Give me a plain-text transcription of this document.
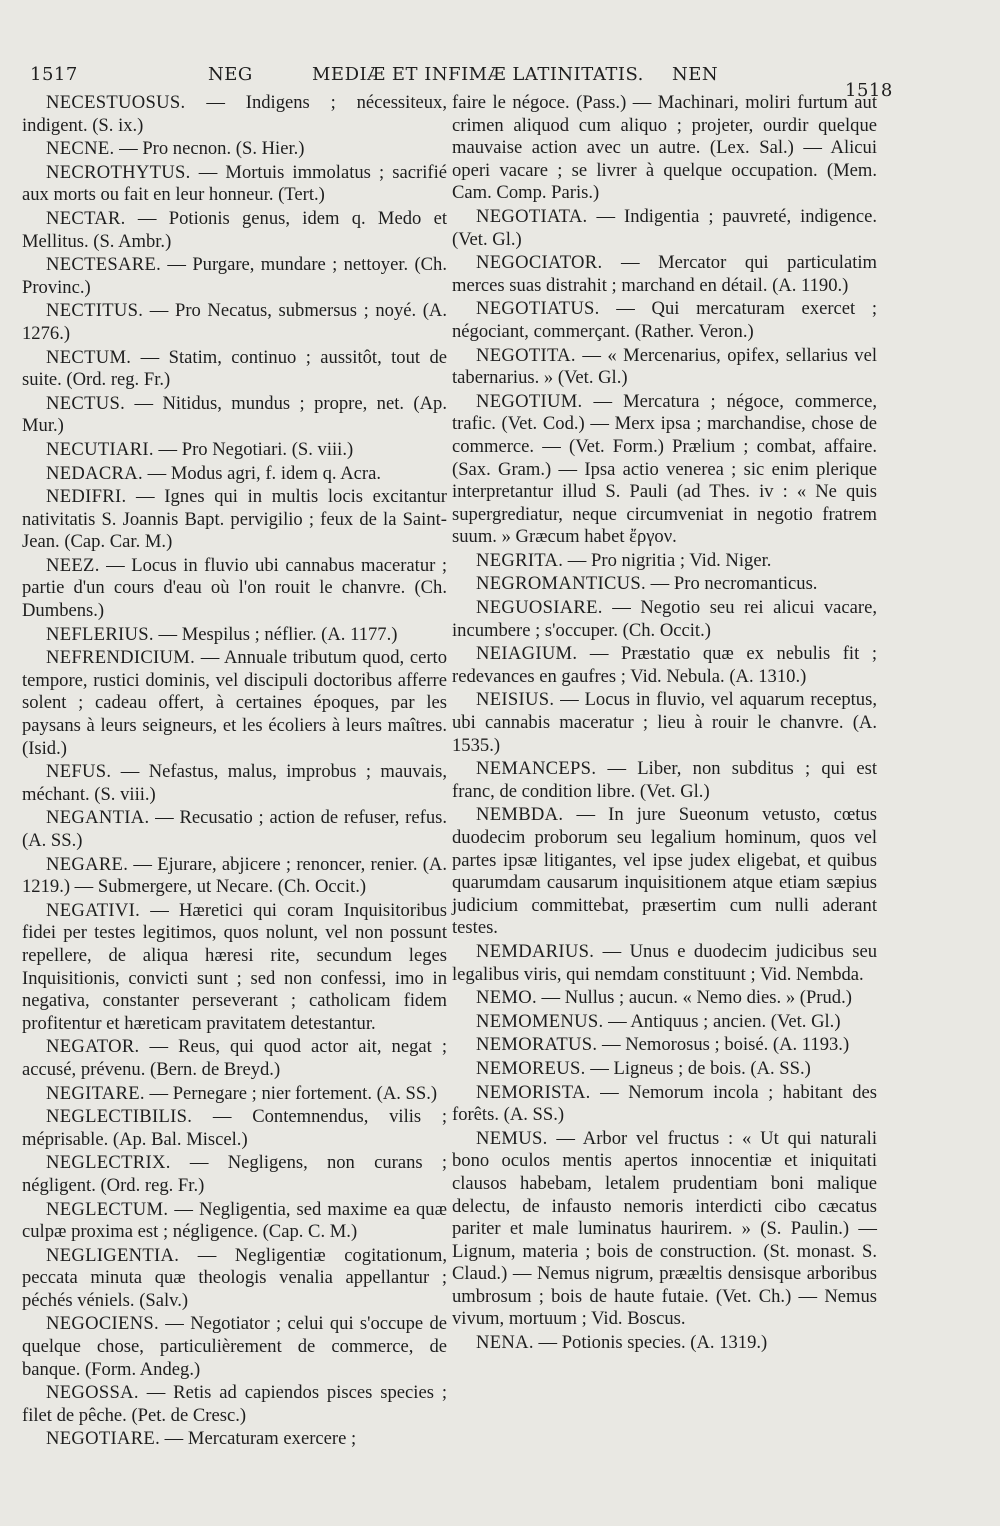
1517	NEG	MEDIÆ ET INFIMÆ LATINITATIS. NEN
1518

NECESTUOSUS. — Indigens ; nécessiteux, indigent. (S. ix.)

NECNE. — Pro necnon. (S. Hier.)

NECROTHYTUS. — Mortuis immolatus ; sacrifié aux morts ou fait en leur honneur. (Tert.)

NECTAR. — Potionis genus, idem q. Medo et Mellitus. (S. Ambr.)

NECTESARE. — Purgare, mundare ; nettoyer. (Ch. Provinc.)

NECTITUS. — Pro Necatus, submersus ; noyé. (A. 1276.)

NECTUM. — Statim, continuo ; aussitôt, tout de suite. (Ord. reg. Fr.)

NECTUS. — Nitidus, mundus ; propre, net. (Ap. Mur.)

NECUTIARI. — Pro Negotiari. (S. viii.)

NEDACRA. — Modus agri, f. idem q. Acra.

NEDIFRI. — Ignes qui in multis locis excitantur nativitatis S. Joannis Bapt. pervigilio ; feux de la Saint-Jean. (Cap. Car. M.)

NEEZ. — Locus in fluvio ubi cannabus maceratur ; partie d'un cours d'eau où l'on rouit le chanvre. (Ch. Dumbens.)

NEFLERIUS. — Mespilus ; néflier. (A. 1177.)

NEFRENDICIUM. — Annuale tributum quod, certo tempore, rustici dominis, vel discipuli doctoribus afferre solent ; cadeau offert, à certaines époques, par les paysans à leurs seigneurs, et les écoliers à leurs maîtres. (Isid.)

NEFUS. — Nefastus, malus, improbus ; mauvais, méchant. (S. viii.)

NEGANTIA. — Recusatio ; action de refuser, refus. (A. SS.)

NEGARE. — Ejurare, abjicere ; renoncer, renier. (A. 1219.) — Submergere, ut Necare. (Ch. Occit.)

NEGATIVI. — Hæretici qui coram Inquisitoribus fidei per testes legitimos, quos nolunt, vel non possunt repellere, de aliqua hæresi rite, secundum leges Inquisitionis, convicti sunt ; sed non confessi, imo in negativa, constanter perseverant ; catholicam fidem profitentur et hæreticam pravitatem detestantur.

NEGATOR. — Reus, qui quod actor ait, negat ; accusé, prévenu. (Bern. de Breyd.)

NEGITARE. — Pernegare ; nier fortement. (A. SS.)

NEGLECTIBILIS. — Contemnendus, vilis ; méprisable. (Ap. Bal. Miscel.)

NEGLECTRIX. — Negligens, non curans ; négligent. (Ord. reg. Fr.)

NEGLECTUM. — Negligentia, sed maxime ea quæ culpæ proxima est ; négligence. (Cap. C. M.)

NEGLIGENTIA. — Negligentiæ cogitationum, peccata minuta quæ theologis venalia appellantur ; péchés véniels. (Salv.)

NEGOCIENS. — Negotiator ; celui qui s'occupe de quelque chose, particulièrement de commerce, de banque. (Form. Andeg.)

NEGOSSA. — Retis ad capiendos pisces species ; filet de pêche. (Pet. de Cresc.)

NEGOTIARE. — Mercaturam exercere ;

faire le négoce. (Pass.) — Machinari, moliri furtum aut crimen aliquod cum aliquo ; projeter, ourdir quelque mauvaise action avec un autre. (Lex. Sal.) — Alicui operi vacare ; se livrer à quelque occupation. (Mem. Cam. Comp. Paris.)

NEGOTIATA. — Indigentia ; pauvreté, indigence. (Vet. Gl.)

NEGOCIATOR. — Mercator qui particulatim merces suas distrahit ; marchand en détail. (A. 1190.)

NEGOTIATUS. — Qui mercaturam exercet ; négociant, commerçant. (Rather. Veron.)

NEGOTITA. — « Mercenarius, opifex, sellarius vel tabernarius. » (Vet. Gl.)

NEGOTIUM. — Mercatura ; négoce, commerce, trafic. (Vet. Cod.) — Merx ipsa ; marchandise, chose de commerce. — (Vet. Form.) Prælium ; combat, affaire. (Sax. Gram.) — Ipsa actio venerea ; sic enim plerique interpretantur illud S. Pauli (ad Thes. iv : « Ne quis supergrediatur, neque circumveniat in negotio fratrem suum. » Græcum habet ἔργον.

NEGRITA. — Pro nigritia ; Vid. Niger.

NEGROMANTICUS. — Pro necromanticus.

NEGUOSIARE. — Negotio seu rei alicui vacare, incumbere ; s'occuper. (Ch. Occit.)

NEIAGIUM. — Præstatio quæ ex nebulis fit ; redevances en gaufres ; Vid. Nebula. (A. 1310.)

NEISIUS. — Locus in fluvio, vel aquarum receptus, ubi cannabis maceratur ; lieu à rouir le chanvre. (A. 1535.)

NEMANCEPS. — Liber, non subditus ; qui est franc, de condition libre. (Vet. Gl.)

NEMBDA. — In jure Sueonum vetusto, cœtus duodecim proborum seu legalium hominum, quos vel partes ipsæ litigantes, vel ipse judex eligebat, et quibus quarumdam causarum inquisitionem atque etiam sæpius judicium committebat, præsertim cum nulli aderant testes.

NEMDARIUS. — Unus e duodecim judicibus seu legalibus viris, qui nemdam constituunt ; Vid. Nembda.

NEMO. — Nullus ; aucun. « Nemo dies. » (Prud.)

NEMOMENUS. — Antiquus ; ancien. (Vet. Gl.)

NEMORATUS. — Nemorosus ; boisé. (A. 1193.)

NEMOREUS. — Ligneus ; de bois. (A. SS.)

NEMORISTA. — Nemorum incola ; habitant des forêts. (A. SS.)

NEMUS. — Arbor vel fructus : « Ut qui naturali bono oculos mentis apertos innocentiæ et iniquitati clausos habebam, letalem prudentiam boni malique delectu, de infausto nemoris interdicti cibo cæcatus pariter et male luminatus haurirem. » (S. Paulin.) — Lignum, materia ; bois de construction. (St. monast. S. Claud.) — Nemus nigrum, prææltis densisque arboribus umbrosum ; bois de haute futaie. (Vet. Ch.) — Nemus vivum, mortuum ; Vid. Boscus.

NENA. — Potionis species. (A. 1319.)
